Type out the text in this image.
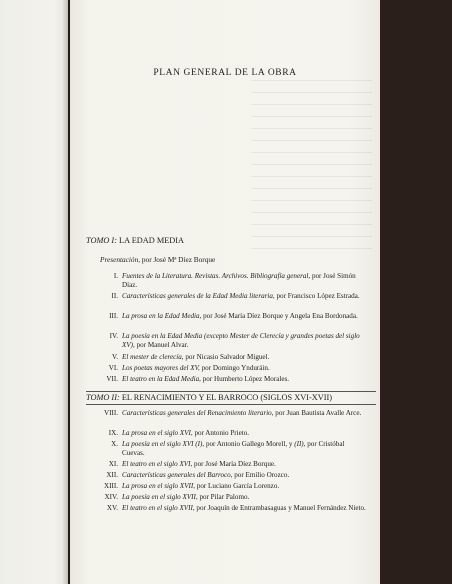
PLAN GENERAL DE LA OBRA
TOMO I: LA EDAD MEDIA
Presentación, por José Mª Díez Borque
I. Fuentes de la Literatura. Revistas. Archivos. Bibliografía general, por José Simón Díaz.
II. Características generales de la Edad Media literaria, por Francisco López Estrada.
III. La prosa en la Edad Media, por José María Díez Borque y Angela Ena Bordonada.
IV. La poesía en la Edad Media (excepto Mester de Clerecía y grandes poetas del siglo XV), por Manuel Alvar.
V. El mester de clerecía, por Nicasio Salvador Miguel.
VI. Los poetas mayores del XV, por Domingo Ynduráin.
VII. El teatro en la Edad Media, por Humberto López Morales.
TOMO II: EL RENACIMIENTO Y EL BARROCO (SIGLOS XVI-XVII)
VIII. Características generales del Renacimiento literario, por Juan Bautista Avalle Arce.
IX. La prosa en el siglo XVI, por Antonio Prieto.
X. La poesía en el siglo XVI (I), por Antonio Gallego Morell, y (II), por Cristóbal Cuevas.
XI. El teatro en el siglo XVI, por José María Díez Borque.
XII. Características generales del Barroco, por Emilio Orozco.
XIII. La prosa en el siglo XVII, por Luciano García Lorenzo.
XIV. La poesía en el siglo XVII, por Pilar Palomo.
XV. El teatro en el siglo XVII, por Joaquín de Entrambasaguas y Manuel Fernández Nieto.
